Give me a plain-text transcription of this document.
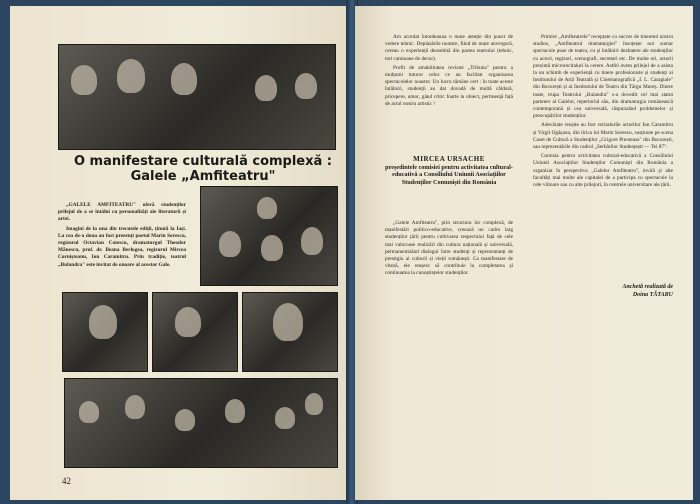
O manifestare culturală complexă :
Galele „Amfiteatru"

„GALELE AMFITEATRU" oferă studenților prilejul de a se întâlni cu personalități ale literaturii și artei.

Imagini de la una din trecutele ediții, ținută la Iași. La cea de-a doua au fost prezenți poetul Marin Sorescu, regizorul Octavian Cotescu, dramaturgul Theodor Mănescu, prof. dr. Ileana Berlogea, regizorul Mircea Cornișteanu, Ion Caramitru. Prin tradiție, teatrul „Bulandra" este invitat de onoare al acestor Gale.

42

Am acordat întotdeauna o mare atenție din punct de vedere tehnic. Deplasările noastre, fiind de mare anvergură, cereau o experiență deosebită din partea teatrului (tehnic, trei camioane de decor).

Profit de amabilitatea revistei „Tribuna" pentru a mulțumi tuturor celor ce au facilitat organizarea spectacolelor noastre. Un lucru rămâne cert : în toate aceste întâlniri, studenții au dat dovadă de multă căldură, pricepere, umor, gând critic foarte la obiect, pertinență față de actul nostru artistic !

Primire „Amfiteatrele" receptate cu succes de tineretul nostru studios, „Amfiteatrul dramaturgiei" însoțește noi sumar spectacole puse de teatru, cu și întâlniri dezbatere ale studenților cu actori, regizori, scenografi, secretari etc. De multe ori, actorii prezintă microrecitaluri la cerere. Astfel avem prilejul de a asista la un schimb de experiență cu tinere profesioniste și studenți ai Institutului de Artă Teatrală și Cinematografică „I. L. Caragiale" din București și ai Institutului de Teatru din Târgu Mureș. Dintre toate, trupa Teatrului „Bulandra" s-a dovedit cel mai statut partener al Galelor, repertoriul său, din dramaturgia românească contemporană și cea universală, răspunzând problemelor și preocupărilor studenților.

Adevărate reușite au fost recitalurile actorilor Ion Caramitru și Virgil Ogășanu, din lirica lui Marin Sorescu, susținute pe scena Casei de Cultură a Studenților „Grigore Preoteasa" din București, sau reprezentările din cadrul „Serbărilor Studențești — Tei 87".

Comisia pentru activitatea cultural-educativă a Consiliului Uniunii Asociațiilor Studenților Comuniști din România a organizat în perspectiva „Galelor Amfiteatru", invită și alte facultăți mai multe ale capitalei de a participa cu spectacole la cele viitoare sau cu alte prilejuri, în centrele universitare ale țării.

MIRCEA URSACHE
președintele comisiei pentru activitatea cultural-educativă a Consiliului Uniunii Asociațiilor Studenților Comuniști din România

„Galele Amfiteatru", prin structura lor complexă, de manifestări politico-educative, creează un cadru larg studenților țării pentru cultivarea respectului față de cele mai valoroase realizări din cultura națională și universală, permanentizând dialogul între studenți și reprezentanți de prestigiu ai culturii și vieții românești. Ca manifestare de viteză, ele reușesc să contribuie la completarea și continuarea la cunoștințelor studenților.

Anchetă realizată de
Doina TĂTARU
